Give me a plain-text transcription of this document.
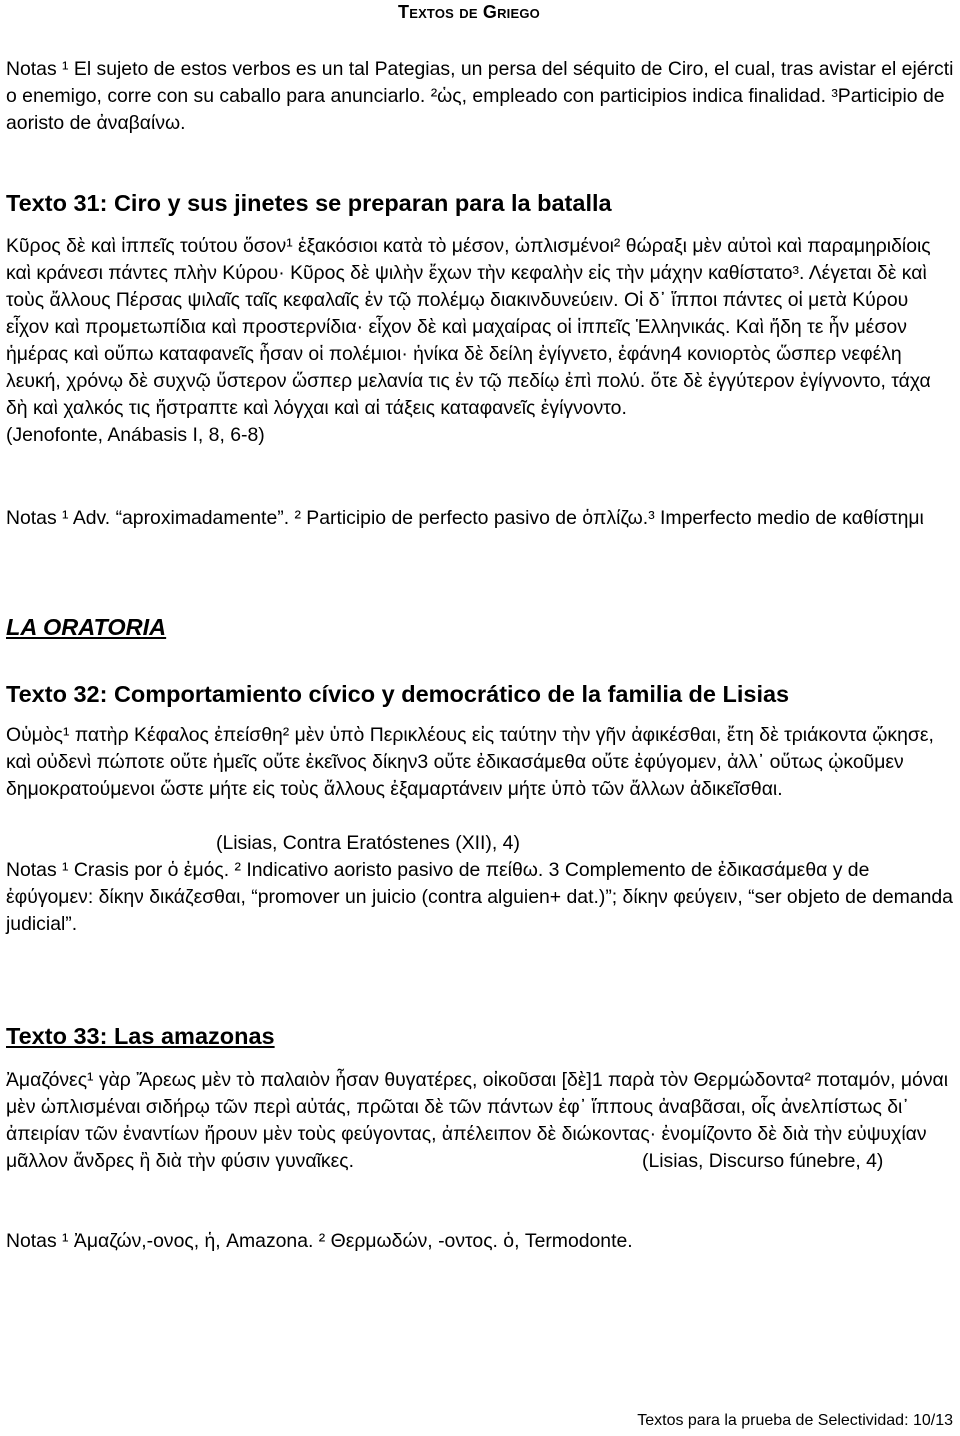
Textos de Griego

Notas ¹ El sujeto de estos verbos es un tal Pategias, un persa del séquito de Ciro, el cual, tras avistar el ejércti​o enemigo, corre con su caballo para anunciarlo. ²ὡς, empleado con participios indica finalidad. ³Participio de aoristo de ἀναβαίνω.

Texto 31: Ciro y sus jinetes se preparan para la batalla

Κῦρος δὲ καὶ ἱππεῖς τούτου ὅσον¹ ἑξακόσιοι κατὰ τὸ μέσον, ὡπλισμένοι² θώραξι μὲν αὐτοὶ καὶ παραμηριδίοις καὶ κράνεσι πάντες πλὴν Κύρου· Κῦρος δὲ ψιλὴν ἔχων τὴν κεφαλὴν εἰς τὴν μάχην καθίστατο³. Λέγεται δὲ καὶ τοὺς ἄλλους Πέρσας ψιλαῖς ταῖς κεφαλαῖς ἐν τῷ πολέμῳ διακινδυνεύειν. Οἱ δ᾽ ἵπποι πάντες οἱ μετὰ Κύρου εἶχον καὶ προμετωπίδια καὶ προστερνίδια· εἶχον δὲ καὶ μαχαίρας οἱ ἱππεῖς Ἑλληνικάς. Καὶ ἤδη τε ἦν μέσον ἡμέρας καὶ οὔπω καταφανεῖς ἦσαν οἱ πολέμιοι· ἡνίκα δὲ δείλη ἐγίγνετο, ἐφάνη4 κονιορτὸς ὥσπερ νεφέλη λευκή, χρόνῳ δὲ συχνῷ ὕστερον ὥσπερ μελανία τις ἐν τῷ πεδίῳ ἐπὶ πολύ. ὅτε δὲ ἐγγύτερον ἐγίγνοντο, τάχα δὴ καὶ χαλκός τις ἤστραπτε καὶ λόγχαι καὶ αἱ τάξεις καταφανεῖς ἐγίγνοντο.(Jenofonte, Anábasis I, 8, 6-8)

Notas ¹ Adv. “aproximadamente”. ² Participio de perfecto pasivo de ὁπλίζω.³ Imperfecto medio de καθίστημι

LA ORATORIA
Texto 32: Comportamiento cívico y democrático de la familia de Lisias

Οὑμὸς¹ πατὴρ Κέφαλος ἐπείσθη² μὲν ὑπὸ Περικλέους εἰς ταύτην τὴν γῆν ἀφικέσθαι, ἔτη δὲ τριάκοντα ᾤκησε, καὶ οὐδενὶ πώποτε οὔτε ἡμεῖς οὔτε ἐκεῖνος δίκην3 οὔτε ἐδικασάμεθα οὔτε ἐφύγομεν, ἀλλ᾽ οὕτως ᾠκοῦμεν δημοκρατούμενοι ὥστε μήτε εἰς τοὺς ἄλλους ἐξαμαρτάνειν μήτε ὑπὸ τῶν ἄλλων ἀδικεῖσθαι.

(Lisias, Contra Eratóstenes (XII), 4)

Notas ¹ Crasis por ὁ ἐμός. ² Indicativo aoristo pasivo de πείθω. 3 Complemento de ἐδικασάμεθα y de ἐφύγομεν: δίκην δικάζεσθαι, “promover un juicio (contra alguien+ dat.)”; δίκην φεύγειν, “ser objeto de demanda judicial”.

Texto 33: Las amazonas

Ἀμαζόνες¹ γὰρ Ἄρεως μὲν τὸ παλαιὸν ἦσαν θυγατέρες, οἰκοῦσαι [δὲ]1 παρὰ τὸν Θερμώδοντα² ποταμόν, μόναι μὲν ὡπλισμέναι σιδήρῳ τῶν περὶ αὐτάς, πρῶται δὲ τῶν πάντων ἐφ᾽ ἵππους ἀναβᾶσαι, οἷς ἀνελπίστως δι᾽ ἀπειρίαν τῶν ἐναντίων ἤρουν μὲν τοὺς φεύγοντας, ἀπέλειπον δὲ διώκοντας· ἐνομίζοντο δὲ διὰ τὴν εὐψυχίαν μᾶλλον ἄνδρες ἢ διὰ τὴν φύσιν γυναῖκες.	(Lisias, Discurso fúnebre, 4)

Notas ¹ Ἀμαζών,-ονος, ἡ, Amazona. ² Θερμωδών, -οντος. ὁ, Termodonte.

Textos para la prueba de Selectividad: 10/13
